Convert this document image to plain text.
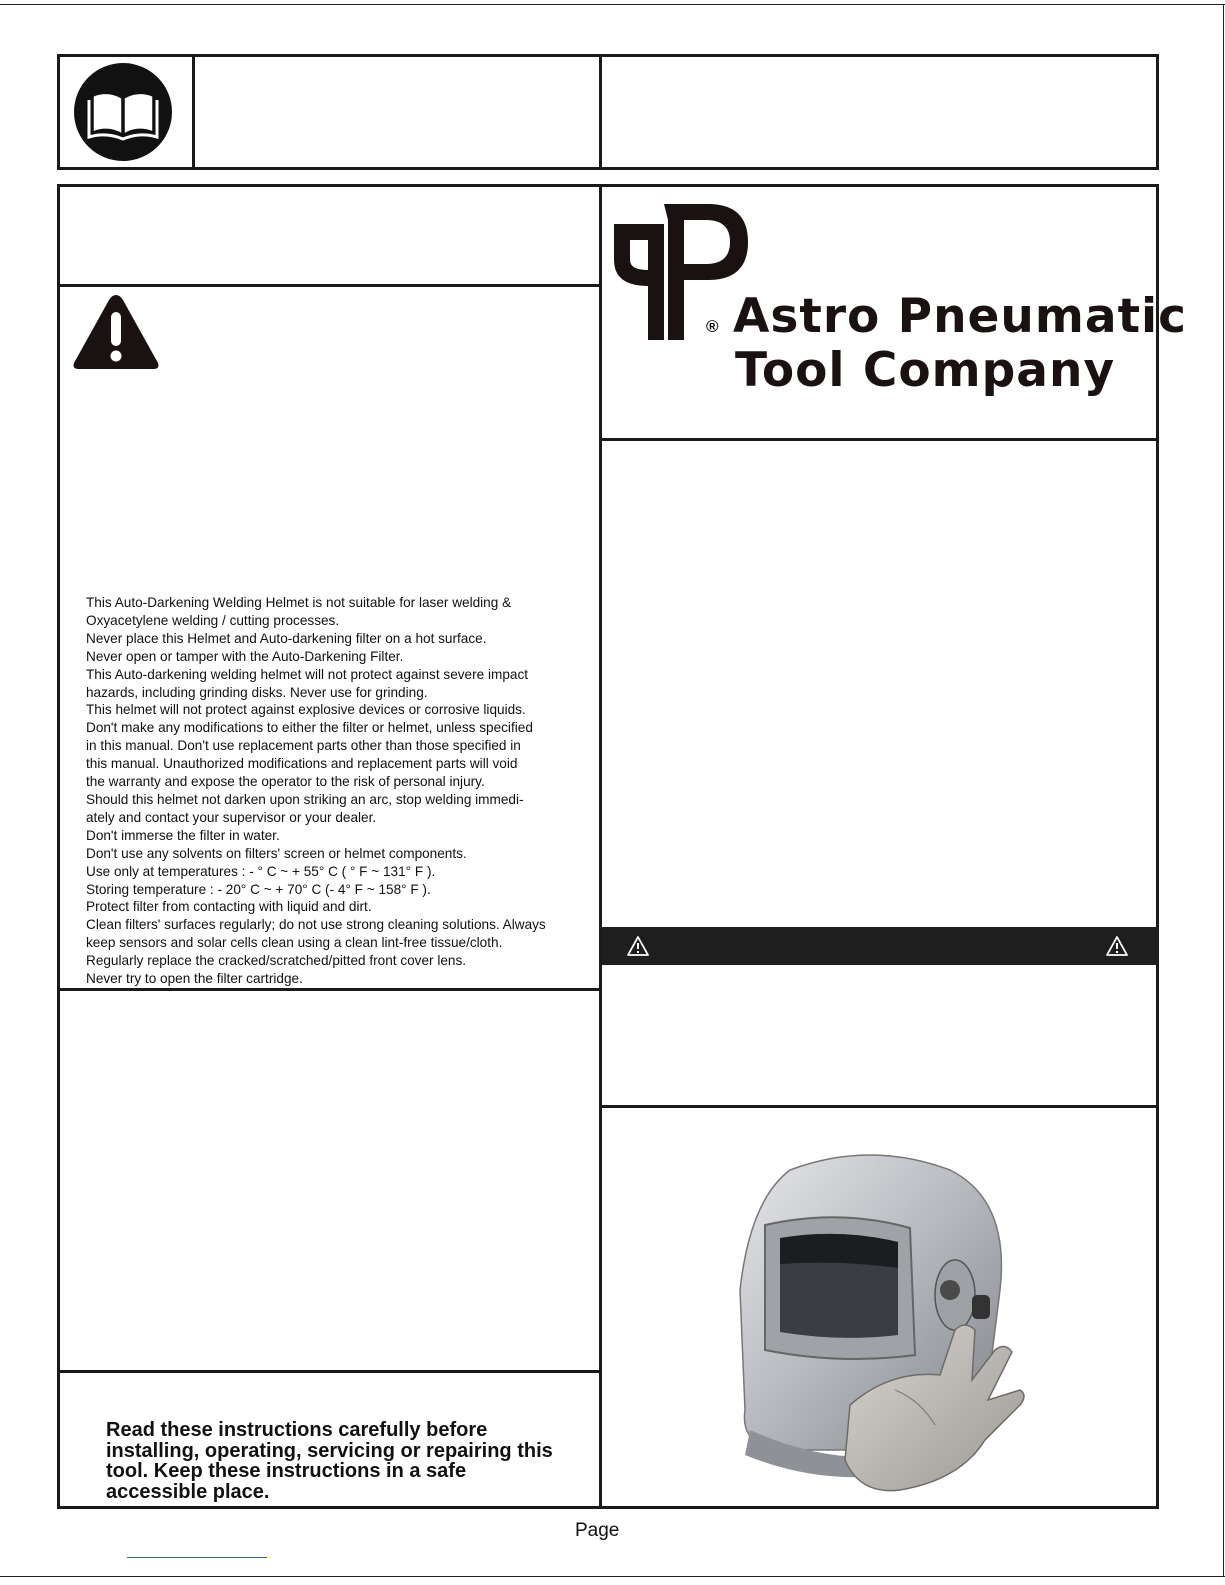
This Auto-Darkening Welding Helmet is not suitable for laser welding &
Oxyacetylene welding / cutting processes.
Never place this Helmet and Auto-darkening filter on a hot surface.
Never open or tamper with the Auto-Darkening Filter.
This Auto-darkening welding helmet will not protect against severe impact
hazards, including grinding disks. Never use for grinding.
This helmet will not protect against explosive devices or corrosive liquids.
Don't make any modifications to either the filter or helmet, unless specified
in this manual. Don't use replacement parts other than those specified in
this manual. Unauthorized modifications and replacement parts will void
the warranty and expose the operator to the risk of personal injury.
Should this helmet not darken upon striking an arc, stop welding immedi-
ately and contact your supervisor or your dealer.
Don't immerse the filter in water.
Don't use any solvents on filters' screen or helmet components.
Use only at temperatures : - ° C ~ + 55° C ( ° F ~ 131° F ).
Storing temperature : - 20° C ~ + 70° C (- 4° F ~ 158° F ).
Protect filter from contacting with liquid and dirt.
Clean filters' surfaces regularly; do not use strong cleaning solutions. Always
keep sensors and solar cells clean using a clean lint-free tissue/cloth.
Regularly replace the cracked/scratched/pitted front cover lens.
Never try to open the filter cartridge.
Read these instructions carefully before installing, operating, servicing or repairing this tool. Keep these instructions in a safe accessible place.
® Astro Pneumatic
Tool Company
Page
